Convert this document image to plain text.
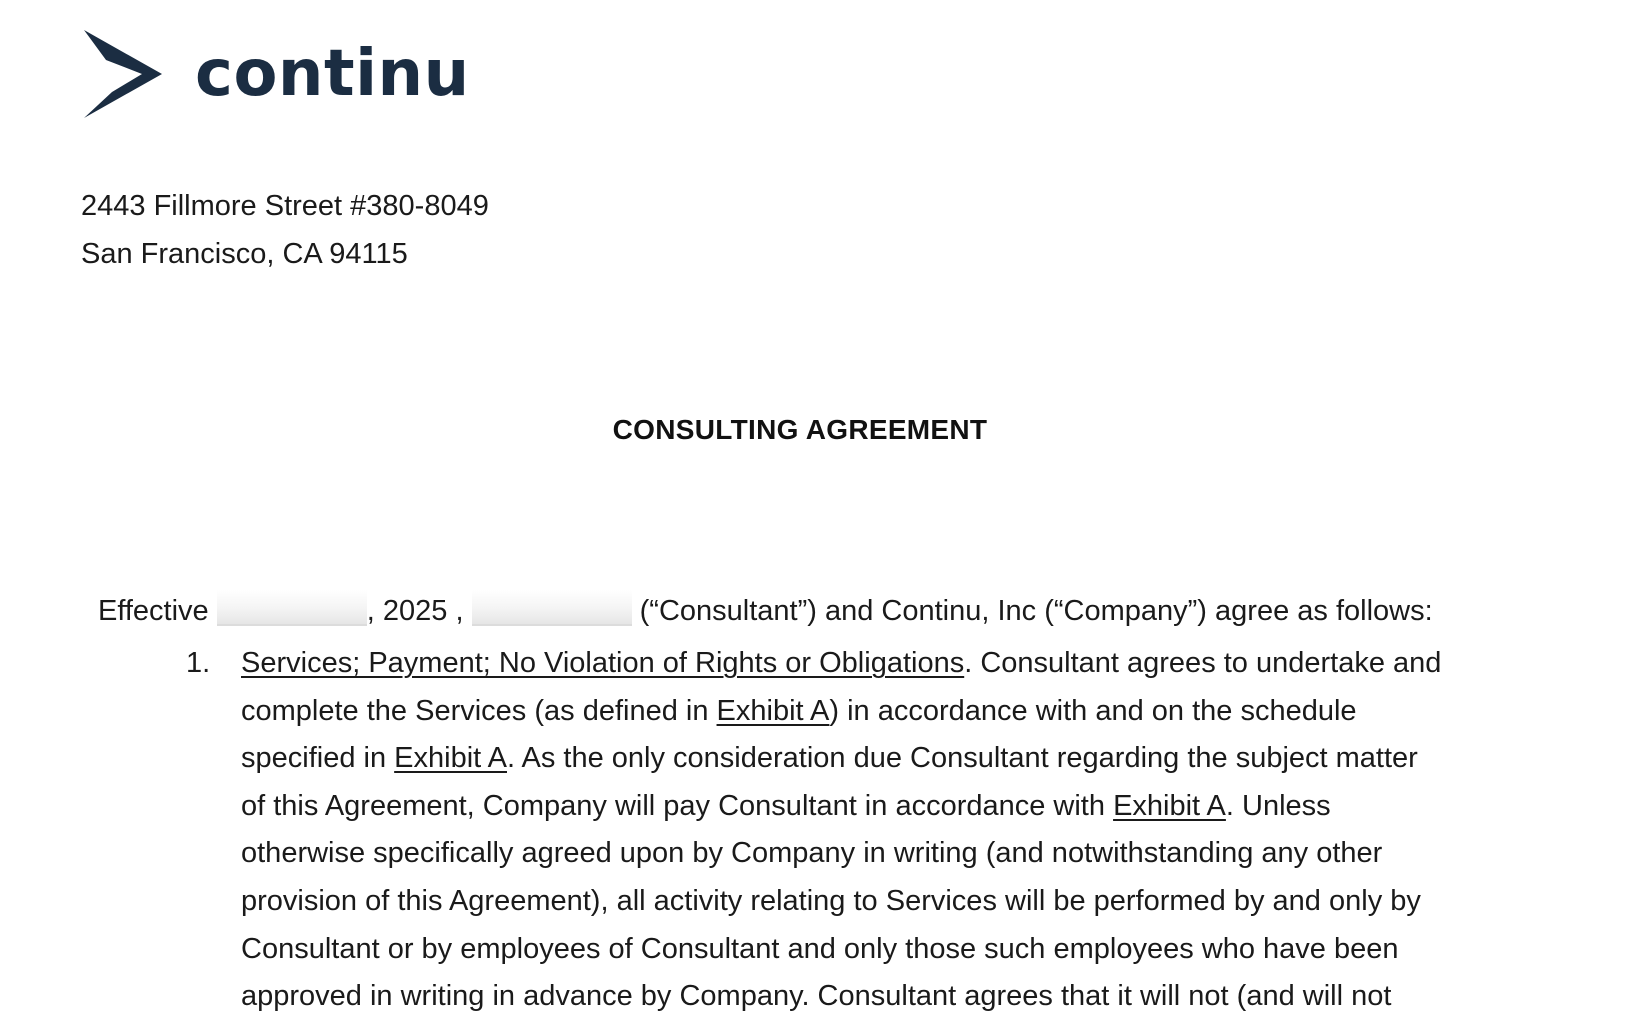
continu
2443 Fillmore Street #380-8049
San Francisco, CA 94115
CONSULTING AGREEMENT
Effective	, 2025 ,	(“Consultant”) and Continu, Inc (“Company”) agree as follows:
1. Services; Payment; No Violation of Rights or Obligations. Consultant agrees to undertake and
complete the Services (as defined in Exhibit A) in accordance with and on the schedule
specified in Exhibit A. As the only consideration due Consultant regarding the subject matter
of this Agreement, Company will pay Consultant in accordance with Exhibit A. Unless
otherwise specifically agreed upon by Company in writing (and notwithstanding any other
provision of this Agreement), all activity relating to Services will be performed by and only by
Consultant or by employees of Consultant and only those such employees who have been
approved in writing in advance by Company. Consultant agrees that it will not (and will not
